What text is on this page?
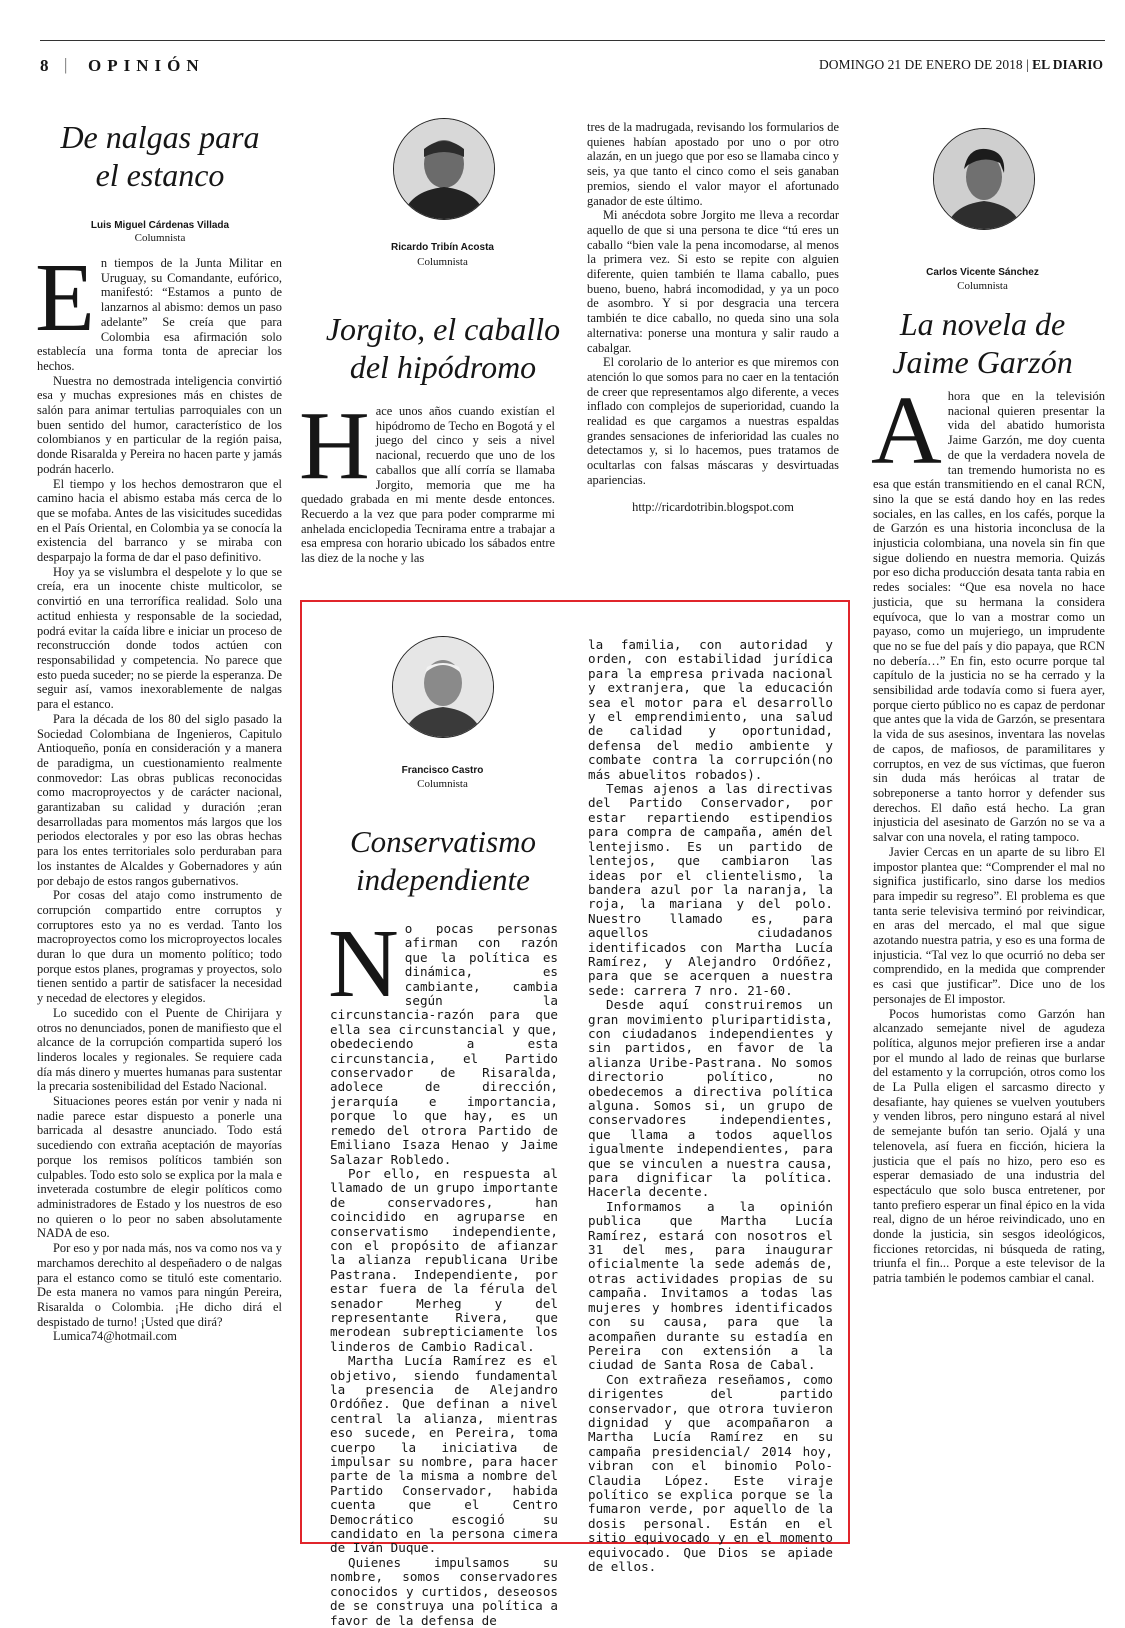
8 | OPINIÓN	DOMINGO 21 DE ENERO DE 2018 | EL DIARIO
De nalgas para
el estanco
Luis Miguel Cárdenas Villada
Columnista

En tiempos de la Junta Militar en Uruguay, su Comandante, eufórico, manifestó: “Estamos a punto de lanzarnos al abismo: demos un paso adelante” Se creía que para Colombia esa afirmación solo establecía una forma tonta de apreciar los hechos.

Nuestra no demostrada inteligencia convirtió esa y muchas expresiones más en chistes de salón para animar tertulias parroquiales con un buen sentido del humor, característico de los colombianos y en particular de la región paisa, donde Risaralda y Pereira no hacen parte y jamás podrán hacerlo.

El tiempo y los hechos demostraron que el camino hacia el abismo estaba más cerca de lo que se mofaba. Antes de las visicitudes sucedidas en el País Oriental, en Colombia ya se conocía la existencia del barranco y se miraba con desparpajo la forma de dar el paso definitivo.

Hoy ya se vislumbra el despelote y lo que se creía, era un inocente chiste multicolor, se convirtió en una terrorífica realidad. Solo una actitud enhiesta y responsable de la sociedad, podrá evitar la caída libre e iniciar un proceso de reconstrucción donde todos actúen con responsabilidad y competencia. No parece que esto pueda suceder; no se pierde la esperanza. De seguir así, vamos inexorablemente de nalgas para el estanco.

Para la década de los 80 del siglo pasado la Sociedad Colombiana de Ingenieros, Capitulo Antioqueño, ponía en consideración y a manera de paradigma, un cuestionamiento realmente conmovedor: Las obras publicas reconocidas como macroproyectos y de carácter nacional, garantizaban su calidad y duración ;eran desarrolladas para momentos más largos que los periodos electorales y por eso las obras hechas para los entes territoriales solo perduraban para los instantes de Alcaldes y Gobernadores y aún por debajo de estos rangos gubernativos.

Por cosas del atajo como instrumento de corrupción compartido entre corruptos y corruptores esto ya no es verdad. Tanto los macroproyectos como los microproyectos locales duran lo que dura un momento político; todo porque estos planes, programas y proyectos, solo tienen sentido a partir de satisfacer la necesidad y necedad de electores y elegidos.

Lo sucedido con el Puente de Chirijara y otros no denunciados, ponen de manifiesto que el alcance de la corrupción compartida superó los linderos locales y regionales. Se requiere cada día más dinero y muertes humanas para sustentar la precaria sostenibilidad del Estado Nacional.

Situaciones peores están por venir y nada ni nadie parece estar dispuesto a ponerle una barricada al desastre anunciado. Todo está sucediendo con extraña aceptación de mayorías porque los remisos políticos también son culpables. Todo esto solo se explica por la mala e inveterada costumbre de elegir políticos como administradores de Estado y los nuestros de eso no quieren o lo peor no saben absolutamente NADA de eso.

Por eso y por nada más, nos va como nos va y marchamos derechito al despeñadero o de nalgas para el estanco como se tituló este comentario. De esta manera no vamos para ningún Pereira, Risaralda o Colombia. ¡He dicho dirá el despistado de turno! ¡Usted que dirá?

Lumica74@hotmail.com

Ricardo Tribín Acosta
Columnista
Jorgito, el caballo
del hipódromo

Hace unos años cuando existían el hipódromo de Techo en Bogotá y el juego del cinco y seis a nivel nacional, recuerdo que uno de los caballos que allí corría se llamaba Jorgito, memoria que me ha quedado grabada en mi mente desde entonces. Recuerdo a la vez que para poder comprarme mi anhelada enciclopedia Tecnirama entre a trabajar a esa empresa con horario ubicado los sábados entre las diez de la noche y las

tres de la madrugada, revisando los formularios de quienes habían apostado por uno o por otro alazán, en un juego que por eso se llamaba cinco y seis, ya que tanto el cinco como el seis ganaban premios, siendo el valor mayor el afortunado ganador de este último.

Mi anécdota sobre Jorgito me lleva a recordar aquello de que si una persona te dice “tú eres un caballo “bien vale la pena incomodarse, al menos la primera vez. Si esto se repite con alguien diferente, quien también te llama caballo, pues bueno, bueno, habrá incomodidad, y ya un poco de asombro. Y si por desgracia una tercera también te dice caballo, no queda sino una sola alternativa: ponerse una montura y salir raudo a cabalgar.

El corolario de lo anterior es que miremos con atención lo que somos para no caer en la tentación de creer que representamos algo diferente, a veces inflado con complejos de superioridad, cuando la realidad es que cargamos a nuestras espaldas grandes sensaciones de inferioridad las cuales no detectamos y, si lo hacemos, pues tratamos de ocultarlas con falsas máscaras y desvirtuadas apariencias.

http://ricardotribin.blogspot.com

Francisco Castro
Columnista
Conservatismo
independiente

No pocas personas afirman con razón que la política es dinámica, es cambiante, cambia según la circunstancia-razón para que ella sea circunstancial y que, obedeciendo a esta circunstancia, el Partido conservador de Risaralda, adolece de dirección, jerarquía e importancia, porque lo que hay, es un remedo del otrora Partido de Emiliano Isaza Henao y Jaime Salazar Robledo.

Por ello, en respuesta al llamado de un grupo importante de conservadores, han coincidido en agruparse en conservatismo independiente, con el propósito de afianzar la alianza republicana Uribe Pastrana. Independiente, por estar fuera de la férula del senador Merheg y del representante Rivera, que merodean subrepticiamente los linderos de Cambio Radical.

Martha Lucía Ramírez es el objetivo, siendo fundamental la presencia de Alejandro Ordóñez. Que definan a nivel central la alianza, mientras eso sucede, en Pereira, toma cuerpo la iniciativa de impulsar su nombre, para hacer parte de la misma a nombre del Partido Conservador, habida cuenta que el Centro Democrático escogió su candidato en la persona cimera de Iván Duque.

Quienes impulsamos su nombre, somos conservadores conocidos y curtidos, deseosos de se construya una política a favor de la defensa de

la familia, con autoridad y orden, con estabilidad jurídica para la empresa privada nacional y extranjera, que la educación sea el motor para el desarrollo y el emprendimiento, una salud de calidad y oportunidad, defensa del medio ambiente y combate contra la corrupción(no más abuelitos robados).

Temas ajenos a las directivas del Partido Conservador, por estar repartiendo estipendios para compra de campaña, amén del lentejismo. Es un partido de lentejos, que cambiaron las ideas por el clientelismo, la bandera azul por la naranja, la roja, la mariana y del polo. Nuestro llamado es, para aquellos ciudadanos identificados con Martha Lucía Ramírez, y Alejandro Ordóñez, para que se acerquen a nuestra sede: carrera 7 nro. 21-60.

Desde aquí construiremos un gran movimiento pluripartidista, con ciudadanos independientes y sin partidos, en favor de la alianza Uribe-Pastrana. No somos directorio político, no obedecemos a directiva política alguna. Somos si, un grupo de conservadores independientes, que llama a todos aquellos igualmente independientes, para que se vinculen a nuestra causa, para dignificar la política. Hacerla decente.

Informamos a la opinión publica que Martha Lucía Ramírez, estará con nosotros el 31 del mes, para inaugurar oficialmente la sede además de, otras actividades propias de su campaña. Invitamos a todas las mujeres y hombres identificados con su causa, para que la acompañen durante su estadía en Pereira con extensión a la ciudad de Santa Rosa de Cabal.

Con extrañeza reseñamos, como dirigentes del partido conservador, que otrora tuvieron dignidad y que acompañaron a Martha Lucía Ramírez en su campaña presidencial/ 2014 hoy, vibran con el binomio Polo-Claudia López. Este viraje político se explica porque se la fumaron verde, por aquello de la dosis personal. Están en el sitio equivocado y en el momento equivocado. Que Dios se apiade de ellos.

Carlos Vicente Sánchez
Columnista
La novela de
Jaime Garzón

Ahora que en la televisión nacional quieren presentar la vida del abatido humorista Jaime Garzón, me doy cuenta de que la verdadera novela de tan tremendo humorista no es esa que están transmitiendo en el canal RCN, sino la que se está dando hoy en las redes sociales, en las calles, en los cafés, porque la de Garzón es una historia inconclusa de la injusticia colombiana, una novela sin fin que sigue doliendo en nuestra memoria. Quizás por eso dicha producción desata tanta rabia en redes sociales: “Que esa novela no hace justicia, que su hermana la considera equívoca, que lo van a mostrar como un payaso, como un mujeriego, un imprudente que no se fue del país y dio papaya, que RCN no debería…” En fin, esto ocurre porque tal capítulo de la justicia no se ha cerrado y la sensibilidad arde todavía como si fuera ayer, porque cierto público no es capaz de perdonar que antes que la vida de Garzón, se presentara la vida de sus asesinos, inventara las novelas de capos, de mafiosos, de paramilitares y corruptos, en vez de sus víctimas, que fueron sin duda más heróicas al tratar de sobreponerse a tanto horror y defender sus derechos. El daño está hecho. La gran injusticia del asesinato de Garzón no se va a salvar con una novela, el rating tampoco.

Javier Cercas en un aparte de su libro El impostor plantea que: “Comprender el mal no significa justificarlo, sino darse los medios para impedir su regreso”. El problema es que tanta serie televisiva terminó por reivindicar, en aras del mercado, el mal que sigue azotando nuestra patria, y eso es una forma de injusticia. “Tal vez lo que ocurrió no deba ser comprendido, en la medida que comprender es casi que justificar”. Dice uno de los personajes de El impostor.

Pocos humoristas como Garzón han alcanzado semejante nivel de agudeza política, algunos mejor prefieren irse a andar por el mundo al lado de reinas que burlarse del estamento y la corrupción, otros como los de La Pulla eligen el sarcasmo directo y desafiante, hay quienes se vuelven youtubers y venden libros, pero ninguno estará al nivel de semejante bufón tan serio. Ojalá y una telenovela, así fuera en ficción, hiciera la justicia que el país no hizo, pero eso es esperar demasiado de una industria del espectáculo que solo busca entretener, por tanto prefiero esperar un final épico en la vida real, digno de un héroe reivindicado, uno en donde la justicia, sin sesgos ideológicos, ficciones retorcidas, ni búsqueda de rating, triunfa el fin... Porque a este televisor de la patria también le podemos cambiar el canal.
